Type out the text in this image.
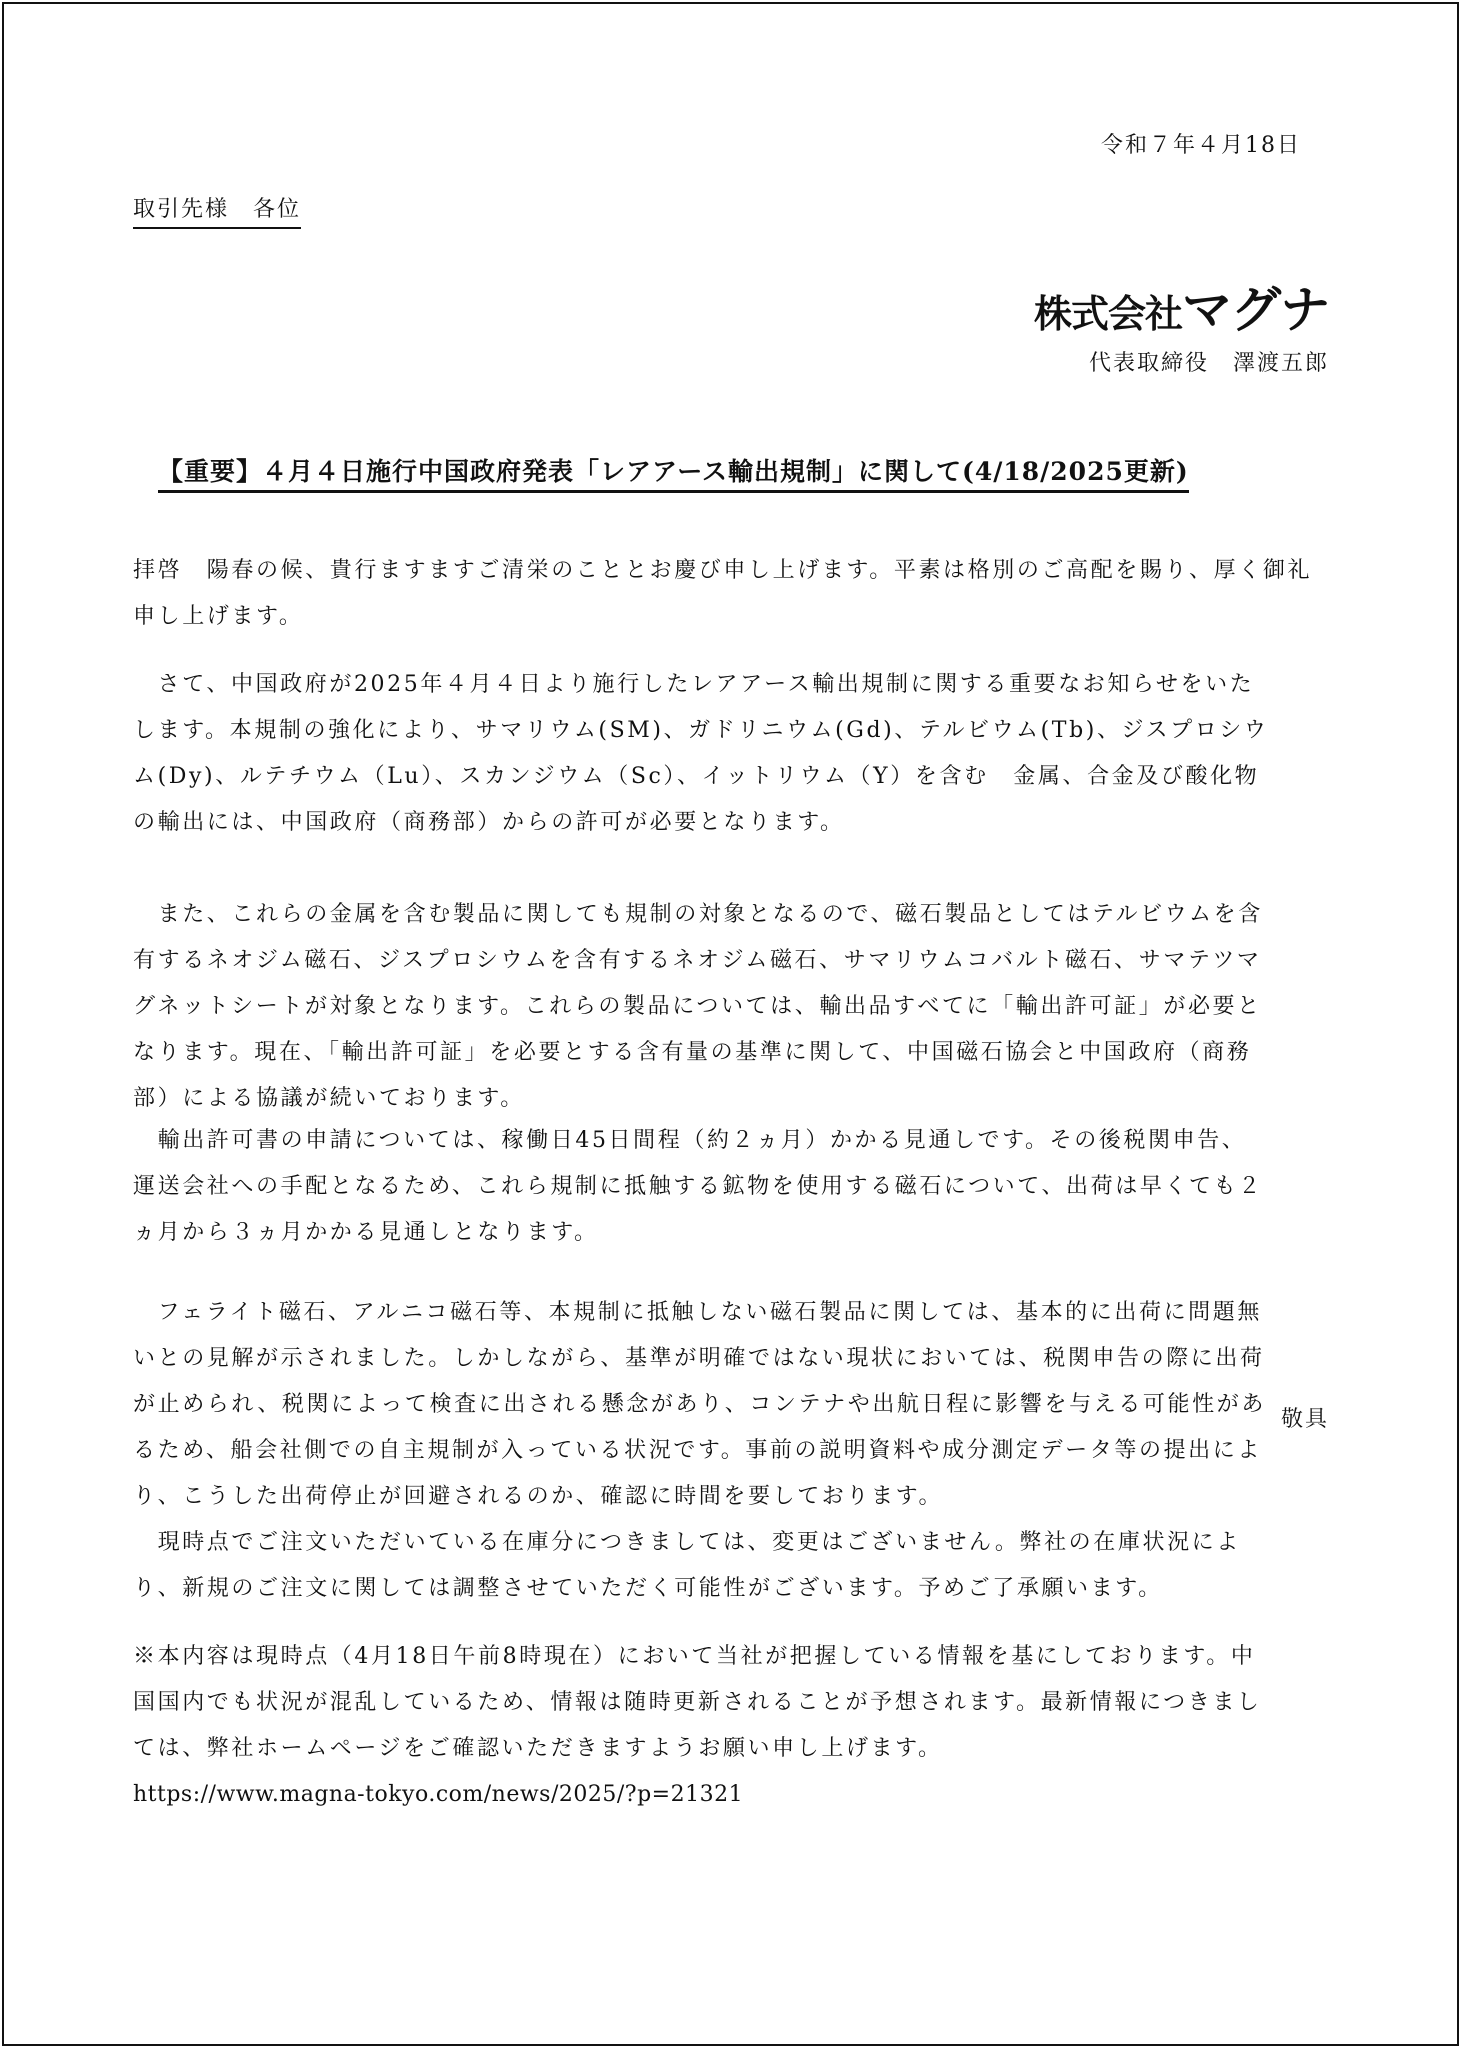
令和７年４月18日
取引先様　各位
株式会社マグナ
代表取締役　澤渡五郎
【重要】４月４日施行中国政府発表「レアアース輸出規制」に関して(4/18/2025更新)
拝啓　陽春の候、貴行ますますご清栄のこととお慶び申し上げます。平素は格別のご高配を賜り、厚く御礼
申し上げます。
　さて、中国政府が2025年４月４日より施行したレアアース輸出規制に関する重要なお知らせをいた
します。本規制の強化により、サマリウム(SM)、ガドリニウム(Gd)、テルビウム(Tb)、ジスプロシウ
ム(Dy)、ルテチウム（Lu）、スカンジウム（Sc）、イットリウム（Y）を含む　金属、合金及び酸化物
の輸出には、中国政府（商務部）からの許可が必要となります。
　また、これらの金属を含む製品に関しても規制の対象となるので、磁石製品としてはテルビウムを含
有するネオジム磁石、ジスプロシウムを含有するネオジム磁石、サマリウムコバルト磁石、サマテツマ
グネットシートが対象となります。これらの製品については、輸出品すべてに「輸出許可証」が必要と
なります。現在、「輸出許可証」を必要とする含有量の基準に関して、中国磁石協会と中国政府（商務
部）による協議が続いております。
　輸出許可書の申請については、稼働日45日間程（約２ヵ月）かかる見通しです。その後税関申告、
運送会社への手配となるため、これら規制に抵触する鉱物を使用する磁石について、出荷は早くても２
ヵ月から３ヵ月かかる見通しとなります。
　フェライト磁石、アルニコ磁石等、本規制に抵触しない磁石製品に関しては、基本的に出荷に問題無
いとの見解が示されました。しかしながら、基準が明確ではない現状においては、税関申告の際に出荷
が止められ、税関によって検査に出される懸念があり、コンテナや出航日程に影響を与える可能性があ
るため、船会社側での自主規制が入っている状況です。事前の説明資料や成分測定データ等の提出によ
り、こうした出荷停止が回避されるのか、確認に時間を要しております。
　現時点でご注文いただいている在庫分につきましては、変更はございません。弊社の在庫状況によ
り、新規のご注文に関しては調整させていただく可能性がございます。予めご了承願います。
※本内容は現時点（4月18日午前8時現在）において当社が把握している情報を基にしております。中
国国内でも状況が混乱しているため、情報は随時更新されることが予想されます。最新情報につきまし
ては、弊社ホームページをご確認いただきますようお願い申し上げます。
https://www.magna-tokyo.com/news/2025/?p=21321
敬具
